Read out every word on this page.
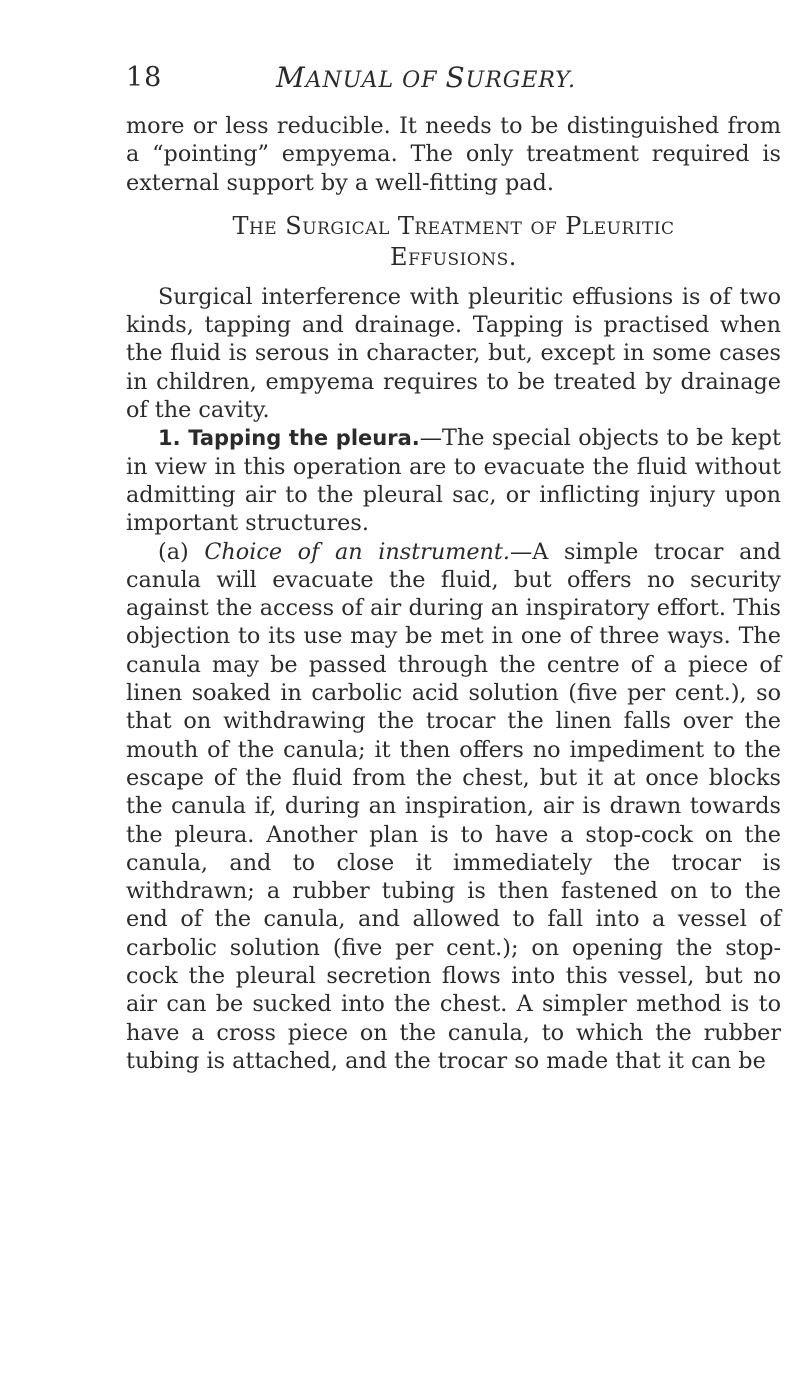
18	MANUAL OF SURGERY.

more or less reducible. It needs to be distinguished from a “pointing” empyema. The only treatment required is external support by a well-fitting pad.

The Surgical Treatment of Pleuritic
Effusions.

Surgical interference with pleuritic effusions is of two kinds, tapping and drainage. Tapping is practised when the fluid is serous in character, but, except in some cases in children, empyema requires to be treated by drainage of the cavity.

1. Tapping the pleura.—The special objects to be kept in view in this operation are to evacuate the fluid without admitting air to the pleural sac, or inflicting injury upon important structures.

(a) Choice of an instrument.—A simple trocar and canula will evacuate the fluid, but offers no security against the access of air during an inspiratory effort. This objection to its use may be met in one of three ways. The canula may be passed through the centre of a piece of linen soaked in carbolic acid solution (five per cent.), so that on withdrawing the trocar the linen falls over the mouth of the canula; it then offers no impediment to the escape of the fluid from the chest, but it at once blocks the canula if, during an inspiration, air is drawn towards the pleura. Another plan is to have a stop-cock on the canula, and to close it immediately the trocar is withdrawn; a rubber tubing is then fastened on to the end of the canula, and allowed to fall into a vessel of carbolic solution (five per cent.); on opening the stop-cock the pleural secretion flows into this vessel, but no air can be sucked into the chest. A simpler method is to have a cross piece on the canula, to which the rubber tubing is attached, and the trocar so made that it can be
